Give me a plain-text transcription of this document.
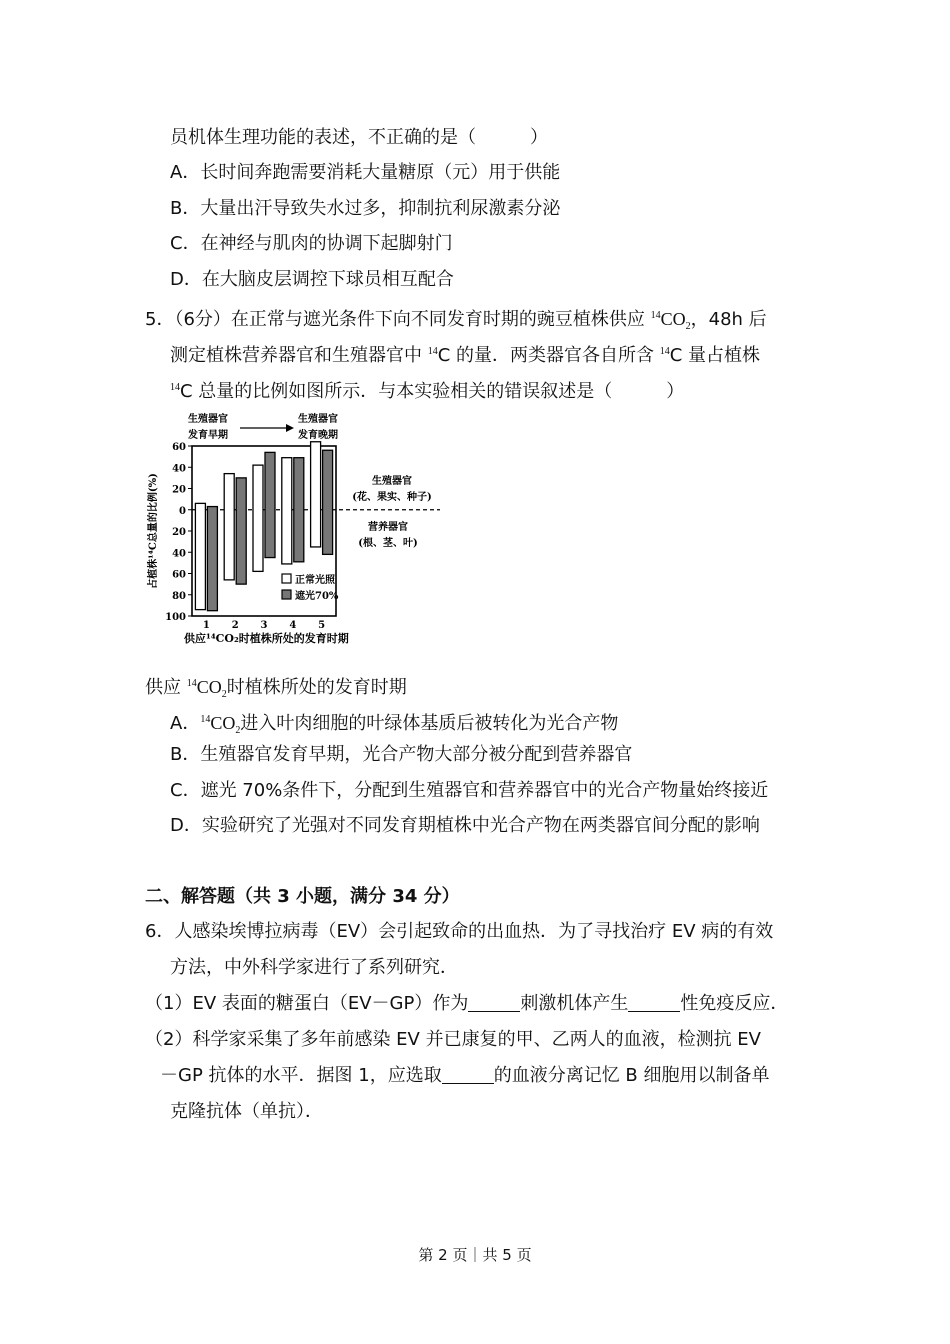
员机体生理功能的表述，不正确的是（　　　）
A．长时间奔跑需要消耗大量糖原（元）用于供能
B．大量出汗导致失水过多，抑制抗利尿激素分泌
C．在神经与肌肉的协调下起脚射门
D．在大脑皮层调控下球员相互配合
5．（6分）在正常与遮光条件下向不同发育时期的豌豆植株供应 $^{14}CO_2$，48h 后
测定植株营养器官和生殖器官中 $^{14}$C 的量．两类器官各自所含 $^{14}$C 量占植株
$^{14}$C 总量的比例如图所示．与本实验相关的错误叙述是（　　　）
60
40
20
0
20
40
60
80
100
占植株¹⁴C总量的比例(%)
1 2 3 4 5
供应¹⁴CO₂时植株所处的发育时期
生殖器官
发育早期
生殖器官
发育晚期
生殖器官
(花、果实、种子)
营养器官
(根、茎、叶)
正常光照
遮光70%
供应 $^{14}CO_2$时植株所处的发育时期
A．$^{14}CO_2$进入叶肉细胞的叶绿体基质后被转化为光合产物
B．生殖器官发育早期，光合产物大部分被分配到营养器官
C．遮光 70%条件下，分配到生殖器官和营养器官中的光合产物量始终接近
D．实验研究了光强对不同发育期植株中光合产物在两类器官间分配的影响
二、解答题（共 3 小题，满分 34 分）
6．人感染埃博拉病毒（EV）会引起致命的出血热．为了寻找治疗 EV 病的有效
方法，中外科学家进行了系列研究．
（1）EV 表面的糖蛋白（EV－GP）作为	刺激机体产生	性免疫反应．
（2）科学家采集了多年前感染 EV 并已康复的甲、乙两人的血液，检测抗 EV
－GP 抗体的水平．据图 1，应选取	的血液分离记忆 B 细胞用以制备单
克隆抗体（单抗）．
第 2 页｜共 5 页
